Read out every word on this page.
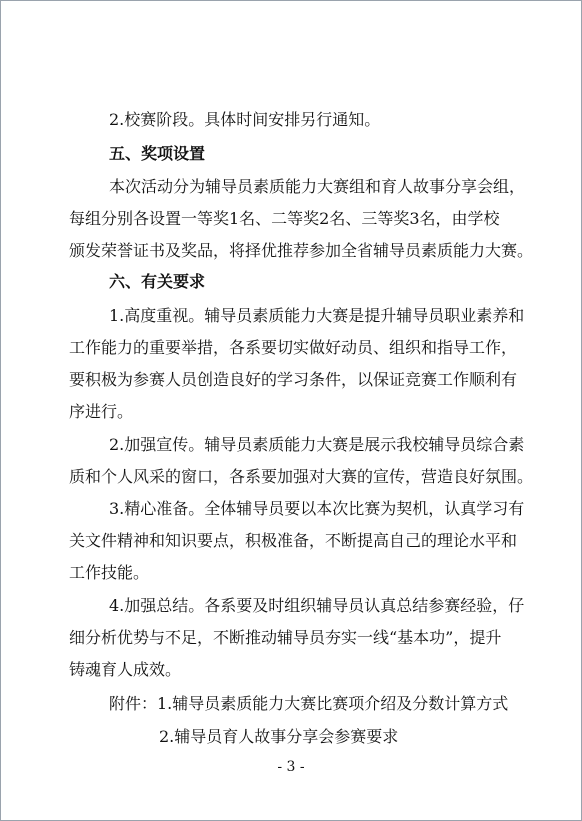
2.校赛阶段。具体时间安排另行通知。
五、奖项设置
本次活动分为辅导员素质能力大赛组和育人故事分享会组，
每组分别各设置一等奖1名、二等奖2名、三等奖3名，由学校
颁发荣誉证书及奖品，将择优推荐参加全省辅导员素质能力大赛。
六、有关要求
1.高度重视。辅导员素质能力大赛是提升辅导员职业素养和
工作能力的重要举措，各系要切实做好动员、组织和指导工作，
要积极为参赛人员创造良好的学习条件，以保证竞赛工作顺利有
序进行。
2.加强宣传。辅导员素质能力大赛是展示我校辅导员综合素
质和个人风采的窗口，各系要加强对大赛的宣传，营造良好氛围。
3.精心准备。全体辅导员要以本次比赛为契机，认真学习有
关文件精神和知识要点，积极准备，不断提高自己的理论水平和
工作技能。
4.加强总结。各系要及时组织辅导员认真总结参赛经验，仔
细分析优势与不足，不断推动辅导员夯实一线“基本功”，提升
铸魂育人成效。
附件：1.辅导员素质能力大赛比赛项介绍及分数计算方式
2.辅导员育人故事分享会参赛要求
- 3 -
